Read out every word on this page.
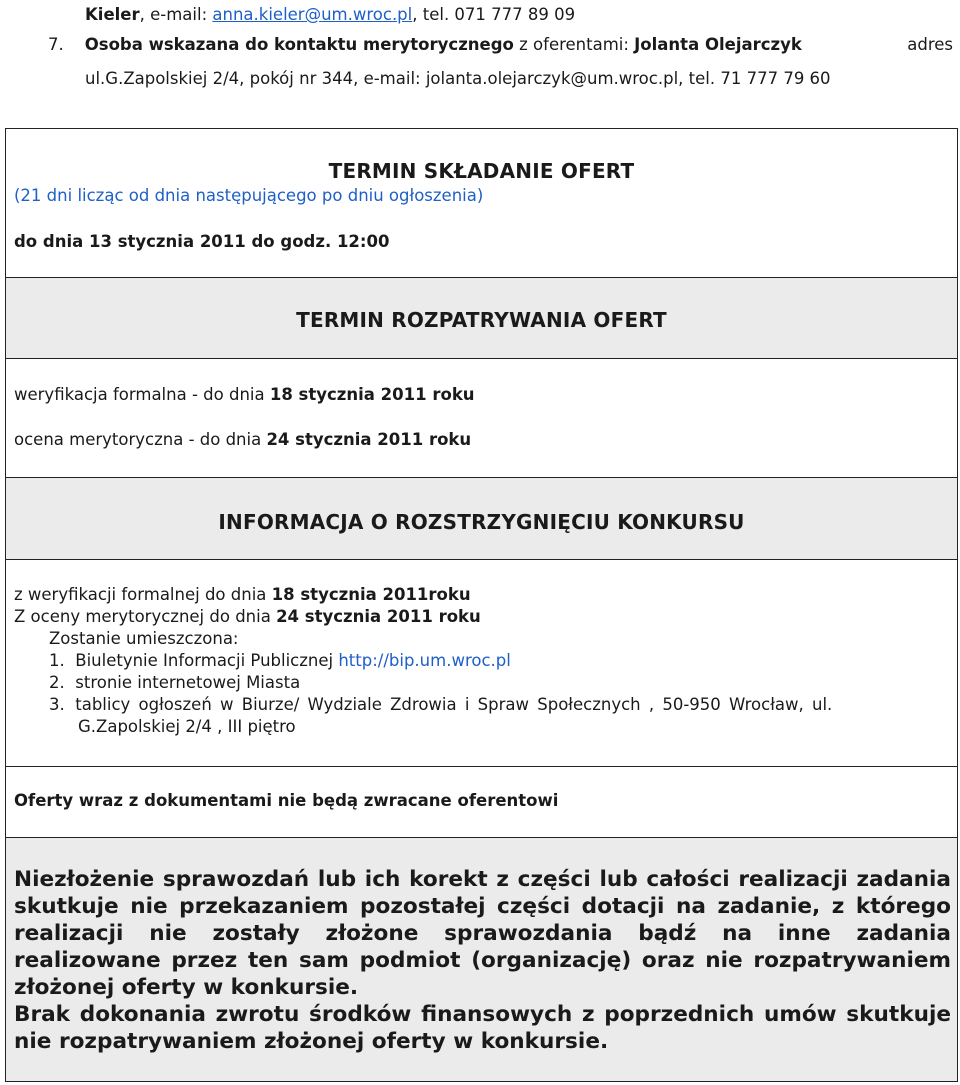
Kieler, e-mail: anna.kieler@um.wroc.pl, tel. 071 777 89 09
7. Osoba wskazana do kontaktu merytorycznego z oferentami: Jolanta Olejarczyk	adres
ul.G.Zapolskiej 2/4, pokój nr 344, e-mail: jolanta.olejarczyk@um.wroc.pl, tel. 71 777 79 60
TERMIN SKŁADANIE OFERT
(21 dni licząc od dnia następującego po dniu ogłoszenia)
do dnia 13 stycznia 2011 do godz. 12:00
TERMIN ROZPATRYWANIA OFERT
weryfikacja formalna - do dnia 18 stycznia 2011 roku
ocena merytoryczna - do dnia 24 stycznia 2011 roku
INFORMACJA O ROZSTRZYGNIĘCIU KONKURSU
z weryfikacji formalnej do dnia 18 stycznia 2011roku
Z oceny merytorycznej do dnia 24 stycznia 2011 roku
Zostanie umieszczona:
1. Biuletynie Informacji Publicznej http://bip.um.wroc.pl
2. stronie internetowej Miasta
3. tablicy ogłoszeń w Biurze/ Wydziale Zdrowia i Spraw Społecznych , 50-950 Wrocław, ul.
G.Zapolskiej 2/4 , III piętro
Oferty wraz z dokumentami nie będą zwracane oferentowi
Niezłożenie sprawozdań lub ich korekt z części lub całości realizacji zadania skutkuje nie przekazaniem pozostałej części dotacji na zadanie, z którego realizacji nie zostały złożone sprawozdania bądź na inne zadania realizowane przez ten sam podmiot (organizację) oraz nie rozpatrywaniem złożonej oferty w konkursie.
Brak dokonania zwrotu środków finansowych z poprzednich umów skutkuje nie rozpatrywaniem złożonej oferty w konkursie.
